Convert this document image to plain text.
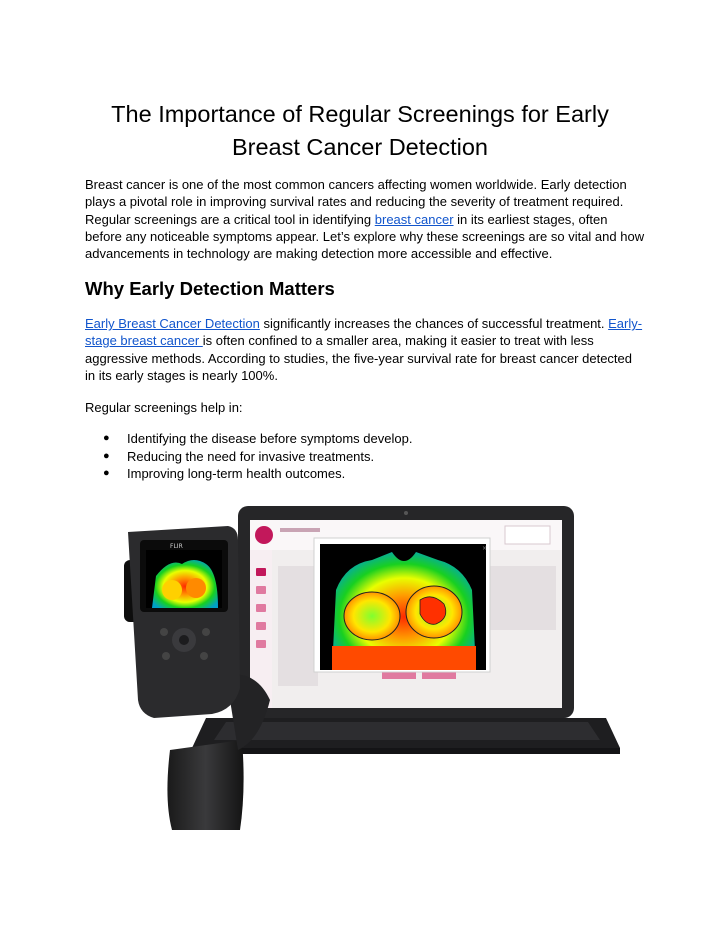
The Importance of Regular Screenings for Early
Breast Cancer Detection

Breast cancer is one of the most common cancers affecting women worldwide. Early detection plays a pivotal role in improving survival rates and reducing the severity of treatment required. Regular screenings are a critical tool in identifying breast cancer in its earliest stages, often before any noticeable symptoms appear. Let’s explore why these screenings are so vital and how advancements in technology are making detection more accessible and effective.

Why Early Detection Matters

Early Breast Cancer Detection significantly increases the chances of successful treatment. Early-stage breast cancer is often confined to a smaller area, making it easier to treat with less aggressive methods. According to studies, the five-year survival rate for breast cancer detected in its early stages is nearly 100%.

Regular screenings help in:

● Identifying the disease before symptoms develop.
● Reducing the need for invasive treatments.
● Improving long-term health outcomes.
×
FLIR
